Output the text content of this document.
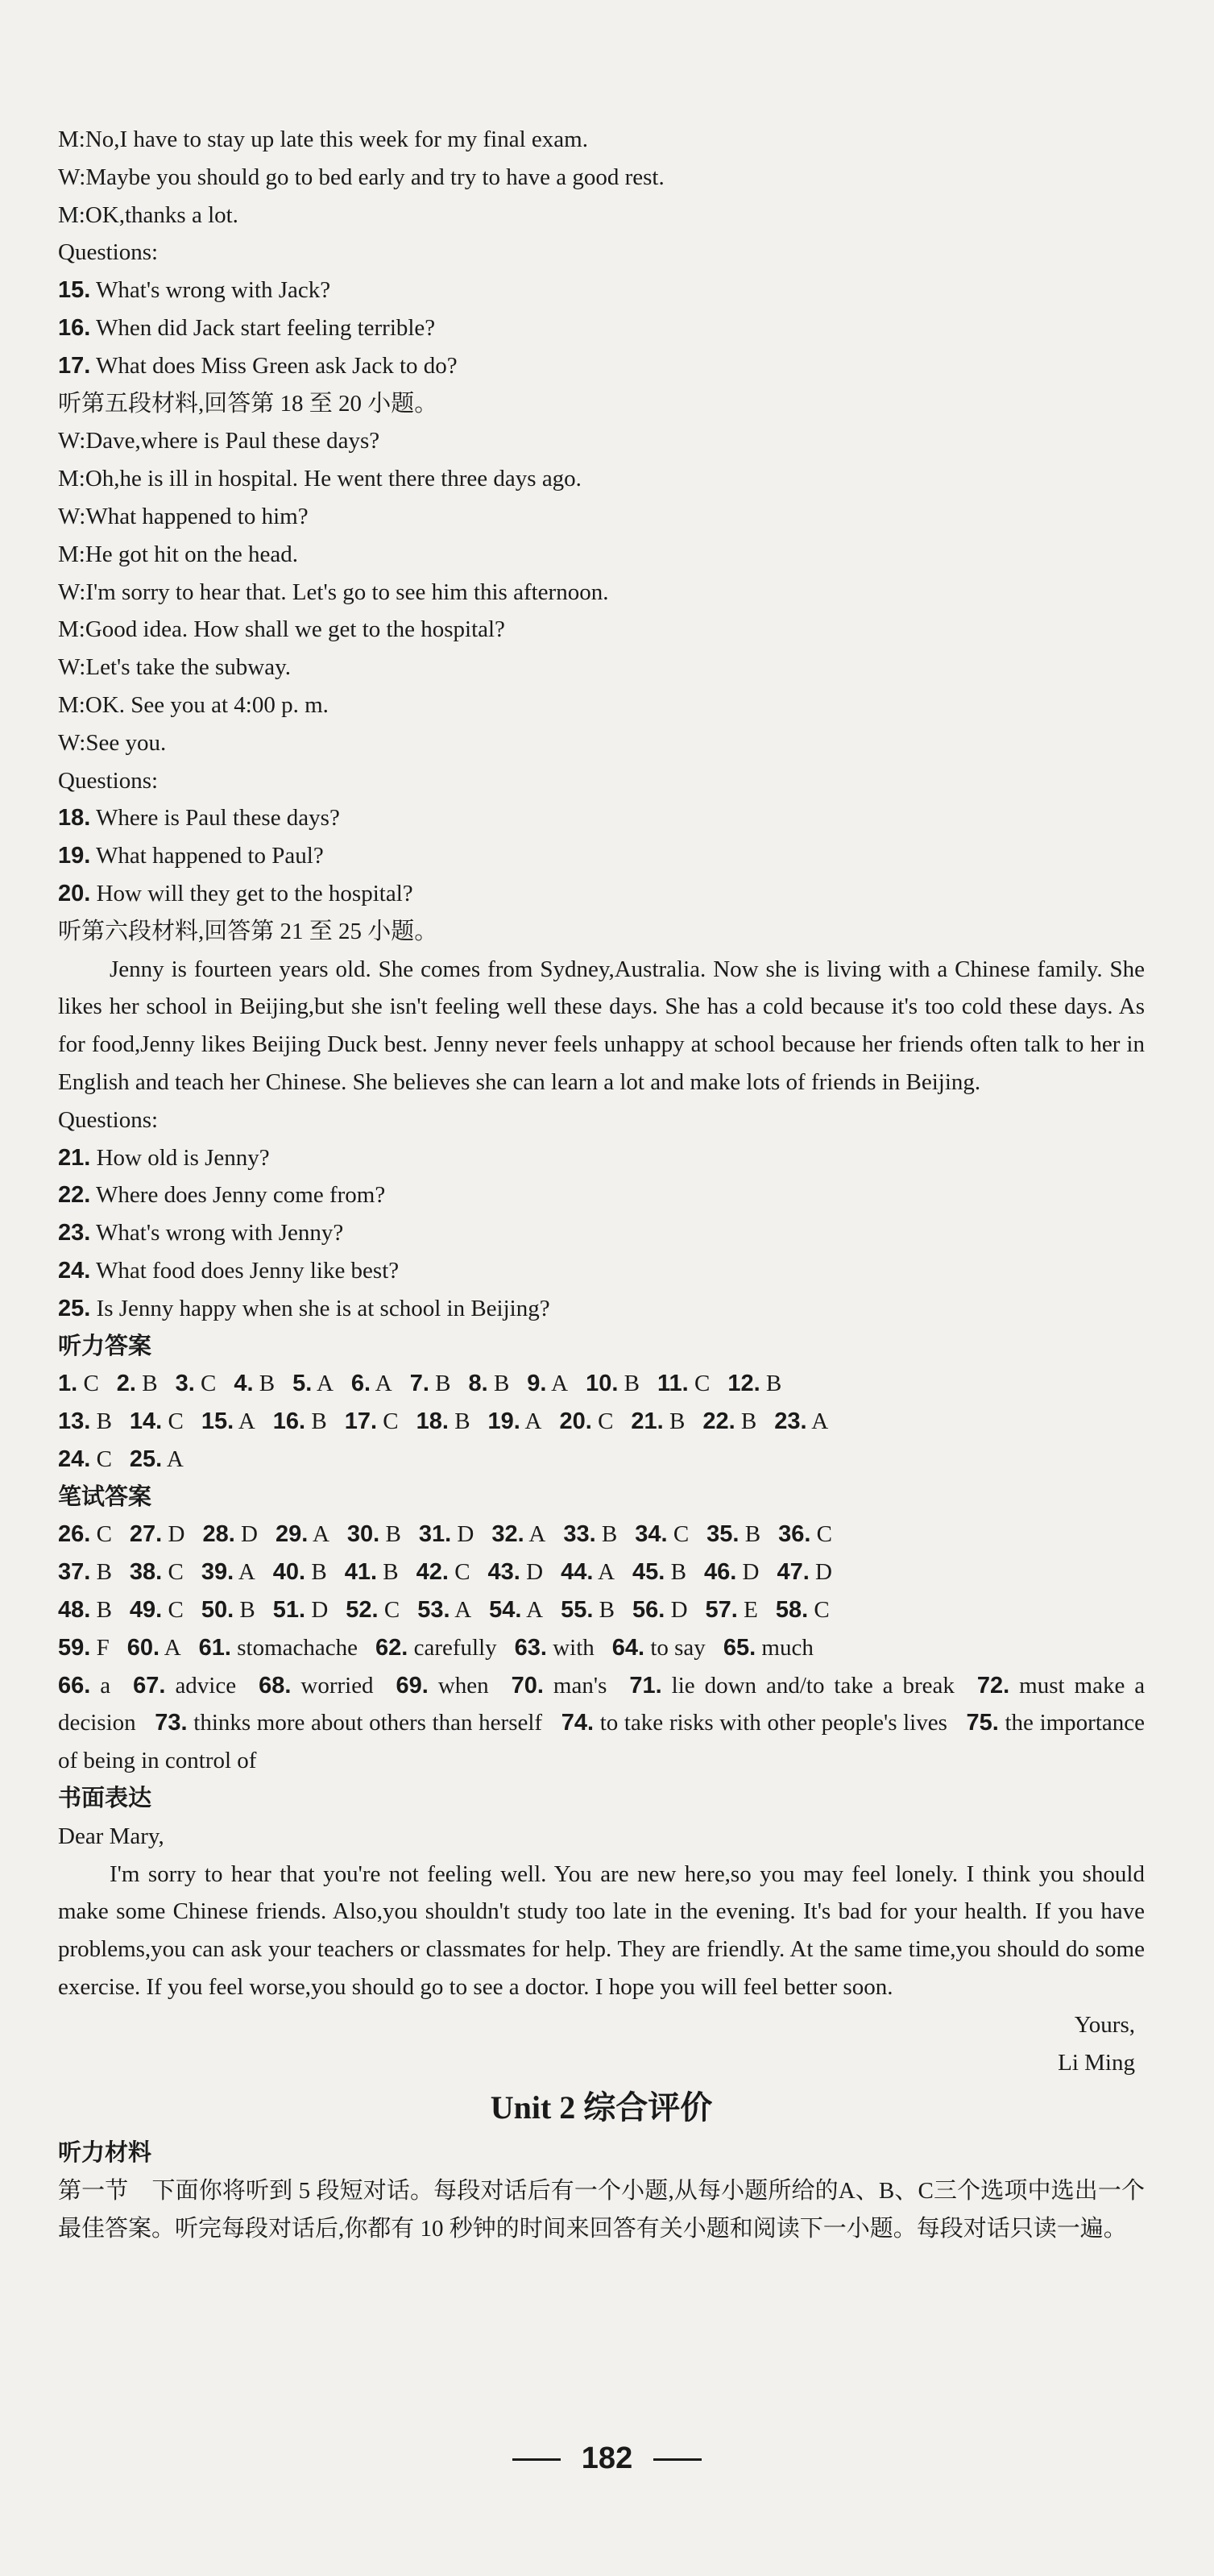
M:No,I have to stay up late this week for my final exam.
W:Maybe you should go to bed early and try to have a good rest.
M:OK,thanks a lot.
Questions:
15. What's wrong with Jack?
16. When did Jack start feeling terrible?
17. What does Miss Green ask Jack to do?
听第五段材料,回答第 18 至 20 小题。
W:Dave,where is Paul these days?
M:Oh,he is ill in hospital. He went there three days ago.
W:What happened to him?
M:He got hit on the head.
W:I'm sorry to hear that. Let's go to see him this afternoon.
M:Good idea. How shall we get to the hospital?
W:Let's take the subway.
M:OK. See you at 4:00 p. m.
W:See you.
Questions:
18. Where is Paul these days?
19. What happened to Paul?
20. How will they get to the hospital?
听第六段材料,回答第 21 至 25 小题。

Jenny is fourteen years old. She comes from Sydney,Australia. Now she is living with a Chinese family. She likes her school in Beijing,but she isn't feeling well these days. She has a cold because it's too cold these days. As for food,Jenny likes Beijing Duck best. Jenny never feels unhappy at school because her friends often talk to her in English and teach her Chinese. She believes she can learn a lot and make lots of friends in Beijing.

Questions:
21. How old is Jenny?
22. Where does Jenny come from?
23. What's wrong with Jenny?
24. What food does Jenny like best?
25. Is Jenny happy when she is at school in Beijing?
听力答案
1. C 2. B 3. C 4. B 5. A 6. A 7. B 8. B 9. A 10. B 11. C 12. B
13. B 14. C 15. A 16. B 17. C 18. B 19. A 20. C 21. B 22. B 23. A
24. C 25. A
笔试答案
26. C 27. D 28. D 29. A 30. B 31. D 32. A 33. B 34. C 35. B 36. C
37. B 38. C 39. A 40. B 41. B 42. C 43. D 44. A 45. B 46. D 47. D
48. B 49. C 50. B 51. D 52. C 53. A 54. A 55. B 56. D 57. E 58. C
59. F 60. A 61. stomachache 62. carefully 63. with 64. to say 65. much
66. a 67. advice 68. worried 69. when 70. man's 71. lie down and/to take a break 72. must make a decision 73. thinks more about others than herself 74. to take risks with other people's lives 75. the importance of being in control of
书面表达
Dear Mary,

I'm sorry to hear that you're not feeling well. You are new here,so you may feel lonely. I think you should make some Chinese friends. Also,you shouldn't study too late in the evening. It's bad for your health. If you have problems,you can ask your teachers or classmates for help. They are friendly. At the same time,you should do some exercise. If you feel worse,you should go to see a doctor. I hope you will feel better soon.

Yours,
Li Ming
Unit 2 综合评价
听力材料

第一节　下面你将听到 5 段短对话。每段对话后有一个小题,从每小题所给的A、B、C三个选项中选出一个最佳答案。听完每段对话后,你都有 10 秒钟的时间来回答有关小题和阅读下一小题。每段对话只读一遍。

182
